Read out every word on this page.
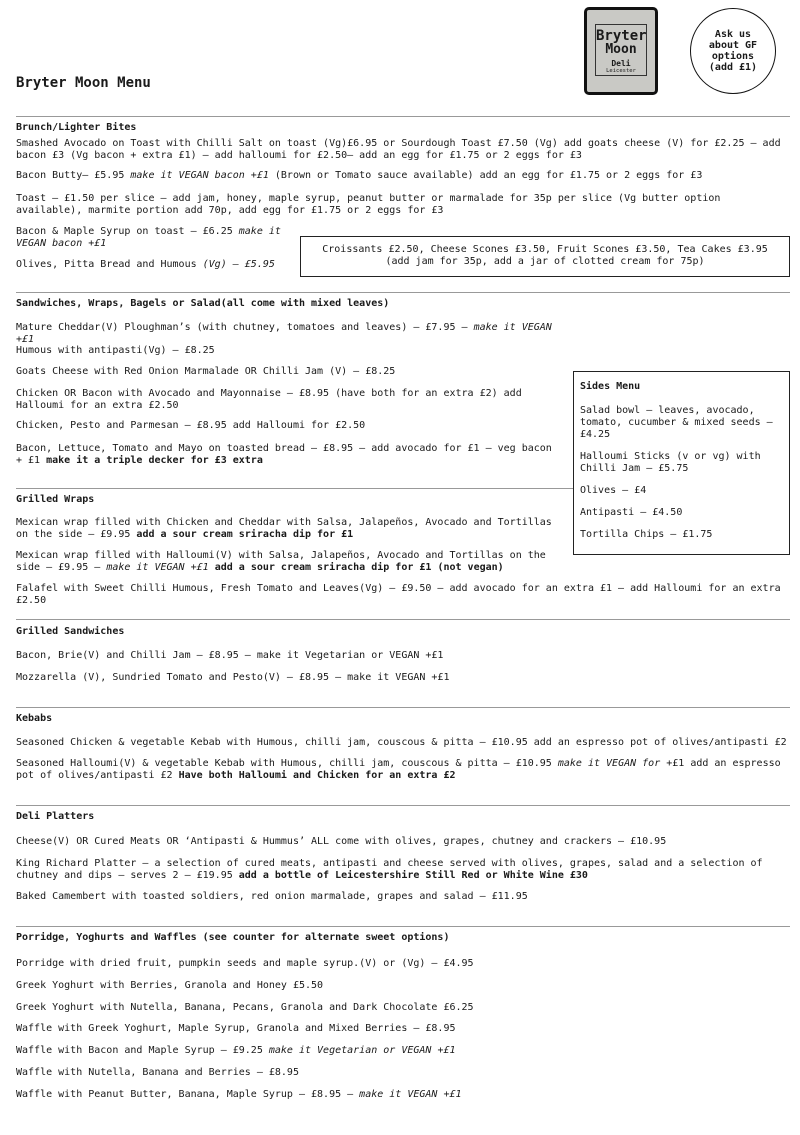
Bryter Moon Menu
Bryter
Moon
Deli
Leicester
Ask us
about GF
options
(add £1)
Brunch/Lighter Bites
Smashed Avocado on Toast with Chilli Salt on toast (Vg)£6.95 or Sourdough Toast £7.50 (Vg) add goats cheese (V) for £2.25 – add bacon £3 (Vg bacon + extra £1) – add halloumi for £2.50– add an egg for £1.75 or 2 eggs for £3
Bacon Butty– £5.95 make it VEGAN bacon +£1 (Brown or Tomato sauce available) add an egg for £1.75 or 2 eggs for £3
Toast – £1.50 per slice – add jam, honey, maple syrup, peanut butter or marmalade for 35p per slice (Vg butter option available), marmite portion add 70p, add egg for £1.75 or 2 eggs for £3
Bacon & Maple Syrup on toast – £6.25 make it VEGAN bacon +£1
Olives, Pitta Bread and Humous (Vg) – £5.95
Croissants £2.50, Cheese Scones £3.50, Fruit Scones £3.50, Tea Cakes £3.95
(add jam for 35p, add a jar of clotted cream for 75p)
Sandwiches, Wraps, Bagels or Salad(all come with mixed leaves)
Mature Cheddar(V) Ploughman’s (with chutney, tomatoes and leaves) – £7.95 – make it VEGAN +£1
Humous with antipasti(Vg) – £8.25
Goats Cheese with Red Onion Marmalade OR Chilli Jam (V) – £8.25
Chicken OR Bacon with Avocado and Mayonnaise – £8.95 (have both for an extra £2) add Halloumi for an extra £2.50
Chicken, Pesto and Parmesan – £8.95 add Halloumi for £2.50
Bacon, Lettuce, Tomato and Mayo on toasted bread – £8.95 – add avocado for £1 – veg bacon + £1 make it a triple decker for £3 extra
Sides Menu
Salad bowl – leaves, avocado, tomato, cucumber & mixed seeds – £4.25
Halloumi Sticks (v or vg) with Chilli Jam – £5.75
Olives – £4
Antipasti – £4.50
Tortilla Chips – £1.75
Grilled Wraps
Mexican wrap filled with Chicken and Cheddar with Salsa, Jalapeños, Avocado and Tortillas on the side – £9.95 add a sour cream sriracha dip for £1
Mexican wrap filled with Halloumi(V) with Salsa, Jalapeños, Avocado and Tortillas on the side – £9.95 – make it VEGAN +£1 add a sour cream sriracha dip for £1 (not vegan)
Falafel with Sweet Chilli Humous, Fresh Tomato and Leaves(Vg) – £9.50 – add avocado for an extra £1 – add Halloumi for an extra £2.50
Grilled Sandwiches
Bacon, Brie(V) and Chilli Jam – £8.95 – make it Vegetarian or VEGAN +£1
Mozzarella (V), Sundried Tomato and Pesto(V) – £8.95 – make it VEGAN +£1
Kebabs
Seasoned Chicken & vegetable Kebab with Humous, chilli jam, couscous & pitta – £10.95 add an espresso pot of olives/antipasti £2
Seasoned Halloumi(V) & vegetable Kebab with Humous, chilli jam, couscous & pitta – £10.95 make it VEGAN for +£1 add an espresso pot of olives/antipasti £2 Have both Halloumi and Chicken for an extra £2
Deli Platters
Cheese(V) OR Cured Meats OR ‘Antipasti & Hummus’ ALL come with olives, grapes, chutney and crackers – £10.95
King Richard Platter – a selection of cured meats, antipasti and cheese served with olives, grapes, salad and a selection of chutney and dips – serves 2 – £19.95 add a bottle of Leicestershire Still Red or White Wine £30
Baked Camembert with toasted soldiers, red onion marmalade, grapes and salad – £11.95
Porridge, Yoghurts and Waffles (see counter for alternate sweet options)
Porridge with dried fruit, pumpkin seeds and maple syrup.(V) or (Vg) – £4.95
Greek Yoghurt with Berries, Granola and Honey £5.50
Greek Yoghurt with Nutella, Banana, Pecans, Granola and Dark Chocolate £6.25
Waffle with Greek Yoghurt, Maple Syrup, Granola and Mixed Berries – £8.95
Waffle with Bacon and Maple Syrup – £9.25 make it Vegetarian or VEGAN +£1
Waffle with Nutella, Banana and Berries – £8.95
Waffle with Peanut Butter, Banana, Maple Syrup – £8.95 – make it VEGAN +£1
